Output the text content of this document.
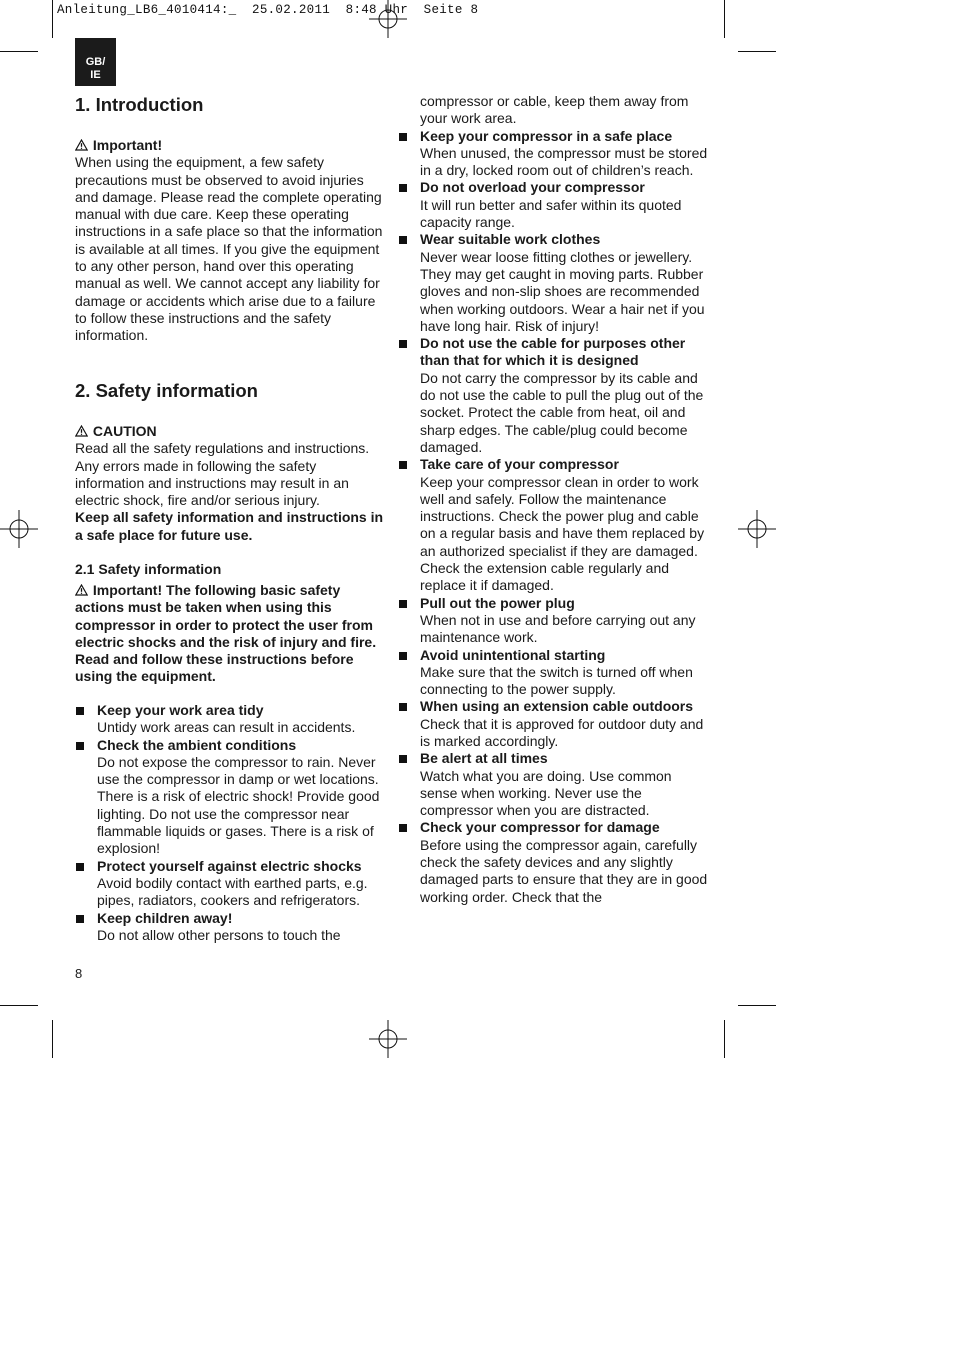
Anleitung_LB6_4010414:_  25.02.2011  8:48 Uhr  Seite 8
GB/
IE
1. Introduction

Important!

When using the equipment, a few safety precautions must be observed to avoid injuries and damage. Please read the complete operating manual with due care. Keep these operating instructions in a safe place so that the information is available at all times. If you give the equipment to any other person, hand over this operating manual as well. We cannot accept any liability for damage or accidents which arise due to a failure to follow these instructions and the safety information.

2. Safety information

CAUTION

Read all the safety regulations and instructions. Any errors made in following the safety information and instructions may result in an electric shock, fire and/or serious injury.

Keep all safety information and instructions in a safe place for future use.

2.1 Safety information

Important! The following basic safety actions must be taken when using this compressor in order to protect the user from electric shocks and the risk of injury and fire. Read and follow these instructions before using the equipment.

Keep your work area tidy
Untidy work areas can result in accidents.
Check the ambient conditions
Do not expose the compressor to rain. Never use the compressor in damp or wet locations. There is a risk of electric shock! Provide good lighting. Do not use the compressor near flammable liquids or gases. There is a risk of explosion!
Protect yourself against electric shocks
Avoid bodily contact with earthed parts, e.g. pipes, radiators, cookers and refrigerators.
Keep children away!
Do not allow other persons to touch the
compressor or cable, keep them away from your work area.
Keep your compressor in a safe place
When unused, the compressor must be stored in a dry, locked room out of children’s reach.
Do not overload your compressor
It will run better and safer within its quoted capacity range.
Wear suitable work clothes
Never wear loose fitting clothes or jewellery. They may get caught in moving parts. Rubber gloves and non-slip shoes are recommended when working outdoors. Wear a hair net if you have long hair. Risk of injury!
Do not use the cable for purposes other than that for which it is designed
Do not carry the compressor by its cable and do not use the cable to pull the plug out of the socket. Protect the cable from heat, oil and sharp edges. The cable/plug could become damaged.
Take care of your compressor
Keep your compressor clean in order to work well and safely. Follow the maintenance instructions. Check the power plug and cable on a regular basis and have them replaced by an authorized specialist if they are damaged. Check the extension cable regularly and replace it if damaged.
Pull out the power plug
When not in use and before carrying out any maintenance work.
Avoid unintentional starting
Make sure that the switch is turned off when connecting to the power supply.
When using an extension cable outdoors
Check that it is approved for outdoor duty and is marked accordingly.
Be alert at all times
Watch what you are doing. Use common sense when working. Never use the compressor when you are distracted.
Check your compressor for damage
Before using the compressor again, carefully check the safety devices and any slightly damaged parts to ensure that they are in good working order. Check that the
8
